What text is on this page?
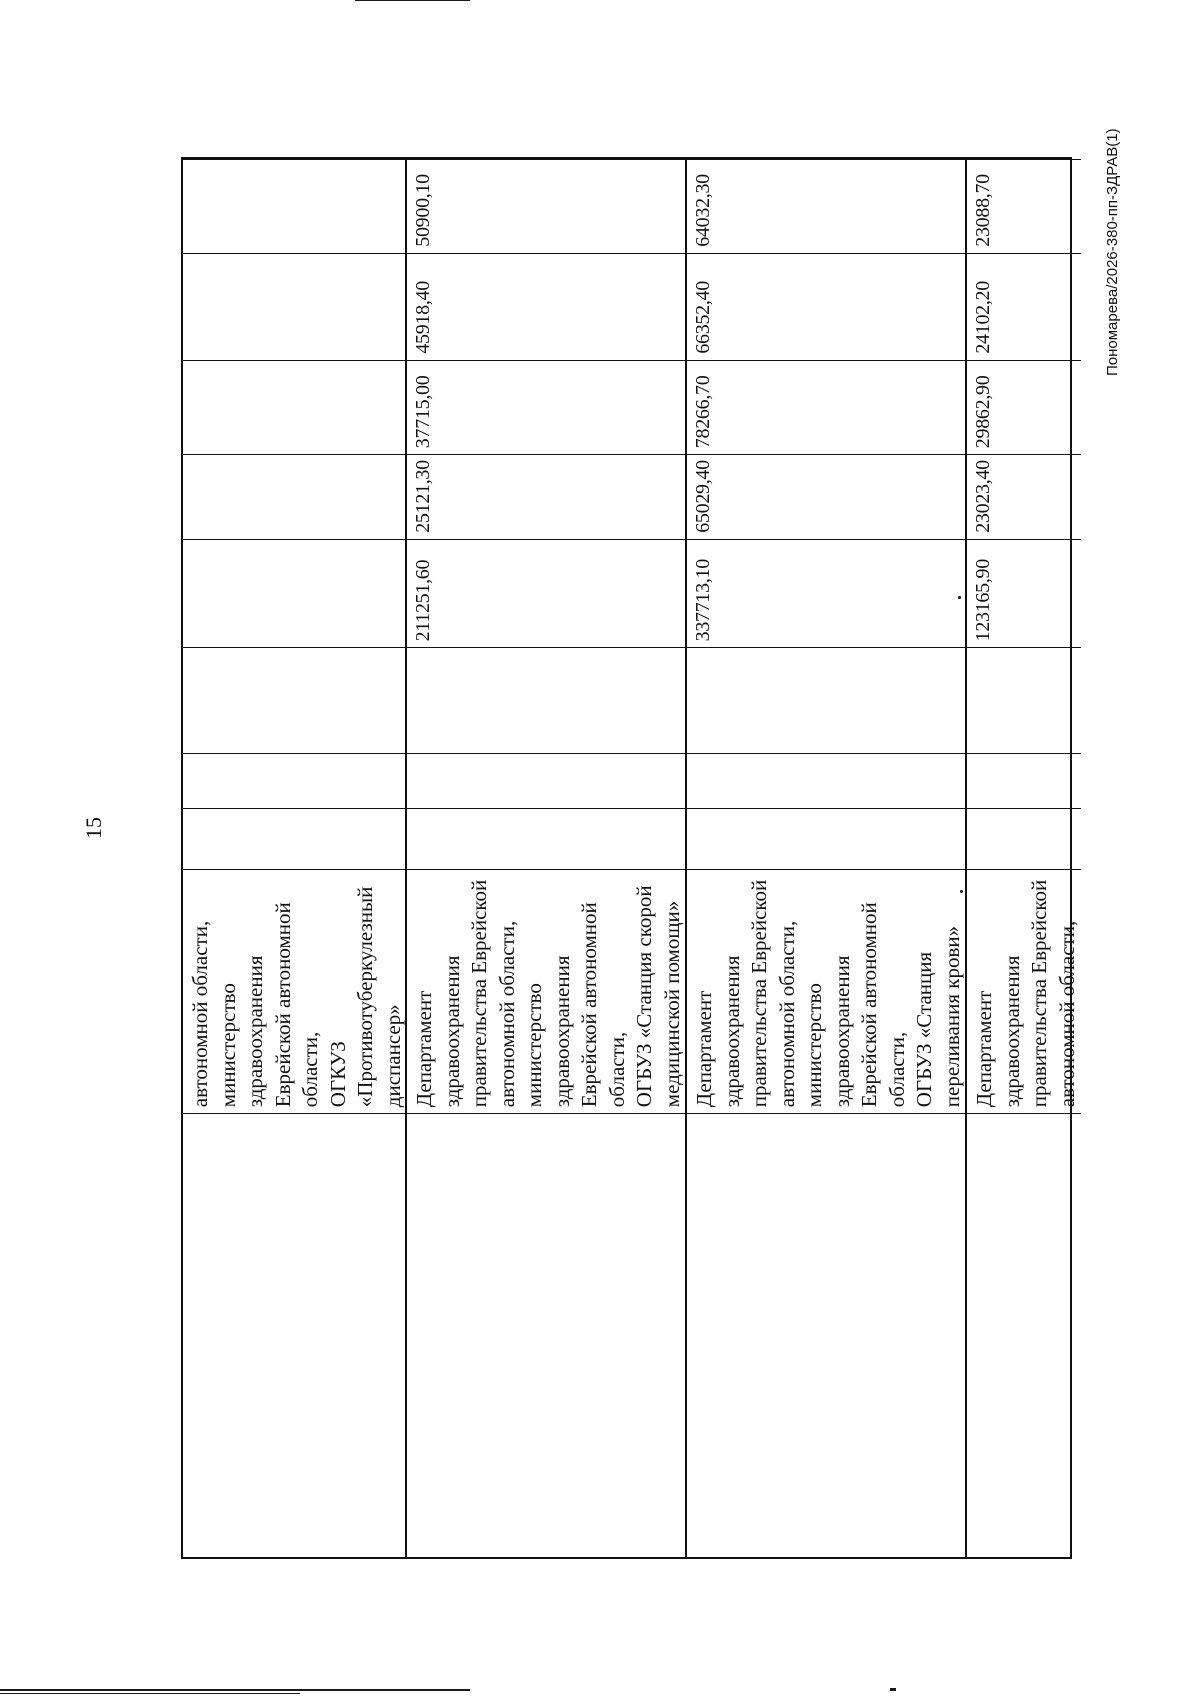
15
автономной области,
министерство
здравоохранения
Еврейской автономной
области,
ОГКУЗ
«Противотуберкулезный
диспансер» Департамент
здравоохранения
правительства Еврейской
автономной области,
министерство
здравоохранения
Еврейской автономной
области,
ОГБУЗ «Станция скорой
медицинской помощи»
211251,60
25121,30
37715,00
45918,40
50900,10
Департамент
здравоохранения
правительства Еврейской
автономной области,
министерство
здравоохранения
Еврейской автономной
области,
ОГБУЗ «Станция
переливания крови»
337713,10
65029,40
78266,70
66352,40
64032,30
Департамент
здравоохранения
правительства Еврейской
автономной области,
123165,90
23023,40
29862,90
24102,20
23088,70	Пономарева/2026-380-пп-ЗДРАВ(1)
